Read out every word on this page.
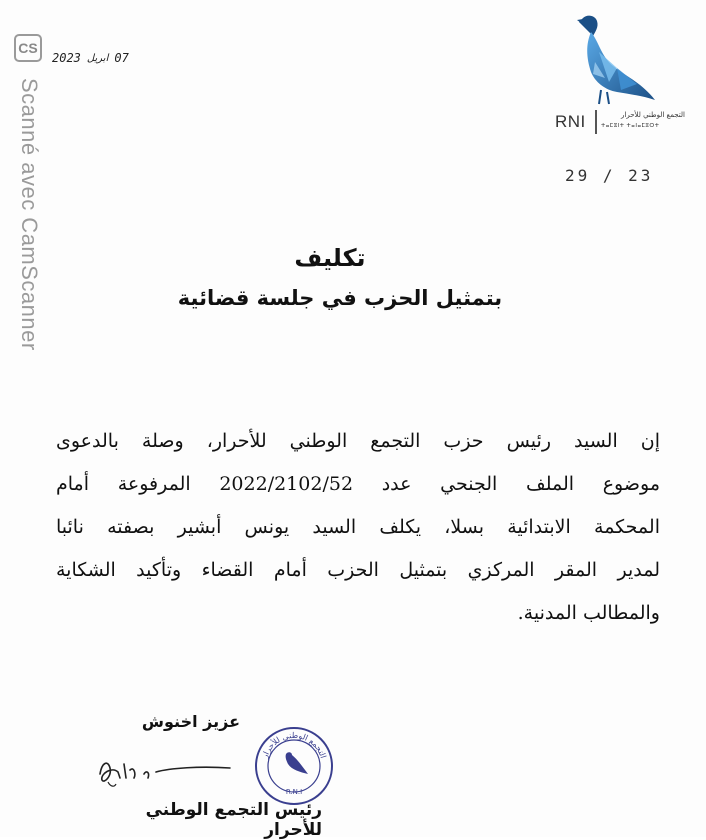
CS
Scanné avec CamScanner
2023 ابريل 07
RNI	التجمع الوطني للأحرار
ⵜⴰⵎⵓⵏⵜ ⵜⴰⵏⴰⵎⵓⵔⵜ
29 / 23
تكليف
بتمثيل الحزب في جلسة قضائية
إن السيد رئيس حزب التجمع الوطني للأحرار، وصلة بالدعوى
موضوع الملف الجنحي عدد 2022/2102/52 المرفوعة أمام
المحكمة الابتدائية بسلا، يكلف السيد يونس أبشير بصفته نائبا
لمدير المقر المركزي بتمثيل الحزب أمام القضاء وتأكيد الشكاية
والمطالب المدنية.
عزيز اخنوش
التجمع الوطني للأحرار
R.N.I
رئيس التجمع الوطني للأحرار
